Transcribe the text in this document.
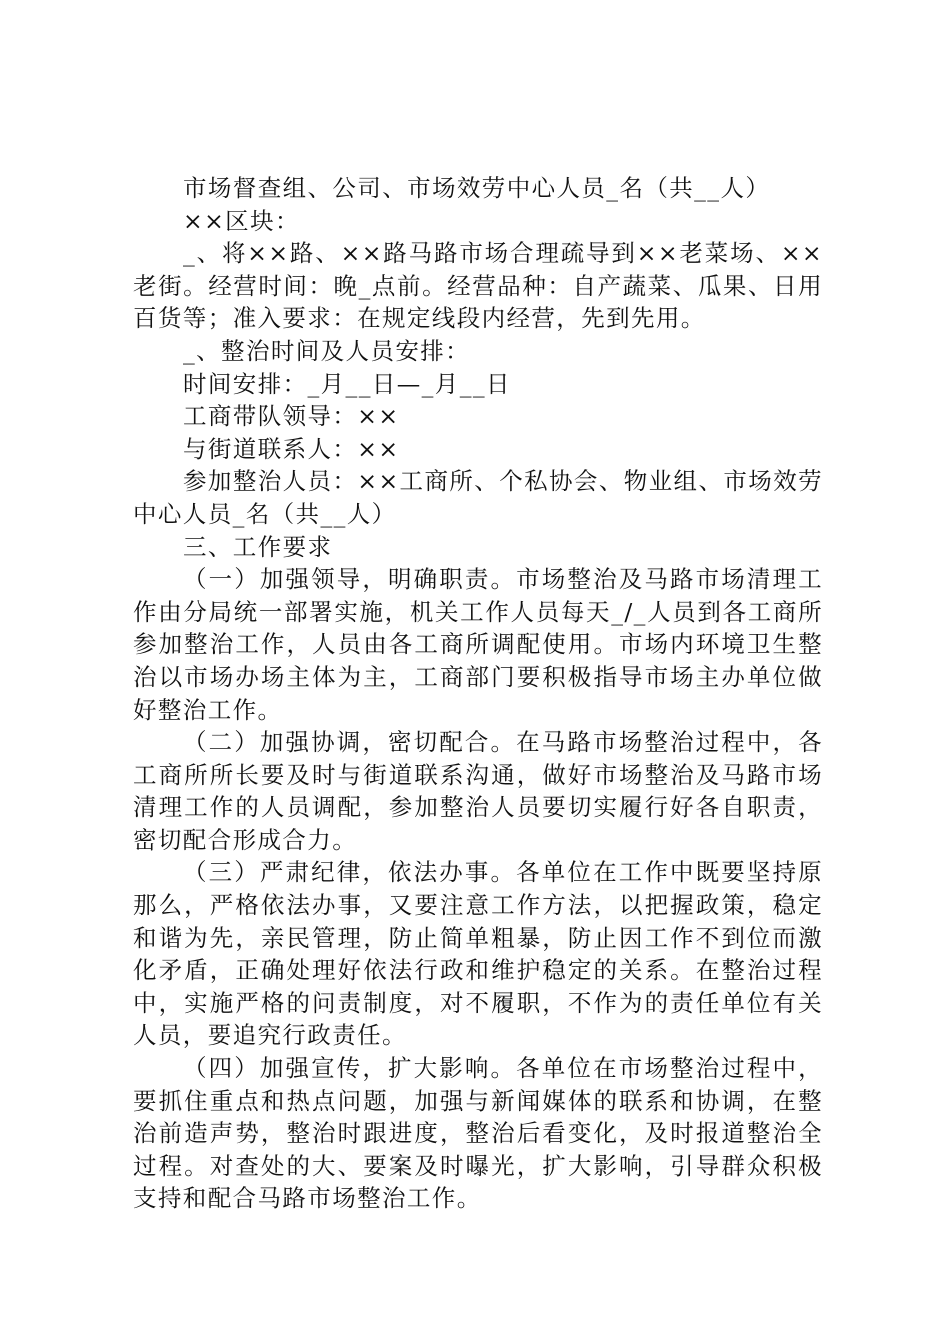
市场督查组、公司、市场效劳中心人员_名（共__人）

××区块：

_、将××路、××路马路市场合理疏导到××老菜场、××老街。经营时间：晚_点前。经营品种：自产蔬菜、瓜果、日用百货等；准入要求：在规定线段内经营，先到先用。

_、整治时间及人员安排：

时间安排：_月__日—_月__日

工商带队领导：××

与街道联系人：××

参加整治人员：××工商所、个私协会、物业组、市场效劳中心人员_名（共__人）

三、工作要求

（一）加强领导，明确职责。市场整治及马路市场清理工作由分局统一部署实施，机关工作人员每天_/_人员到各工商所参加整治工作，人员由各工商所调配使用。市场内环境卫生整治以市场办场主体为主，工商部门要积极指导市场主办单位做好整治工作。

（二）加强协调，密切配合。在马路市场整治过程中，各工商所所长要及时与街道联系沟通，做好市场整治及马路市场清理工作的人员调配，参加整治人员要切实履行好各自职责，密切配合形成合力。

（三）严肃纪律，依法办事。各单位在工作中既要坚持原那么，严格依法办事，又要注意工作方法，以把握政策，稳定和谐为先，亲民管理，防止简单粗暴，防止因工作不到位而激化矛盾，正确处理好依法行政和维护稳定的关系。在整治过程中，实施严格的问责制度，对不履职，不作为的责任单位有关人员，要追究行政责任。

（四）加强宣传，扩大影响。各单位在市场整治过程中，要抓住重点和热点问题，加强与新闻媒体的联系和协调，在整治前造声势，整治时跟进度，整治后看变化，及时报道整治全过程。对查处的大、要案及时曝光，扩大影响，引导群众积极支持和配合马路市场整治工作。
